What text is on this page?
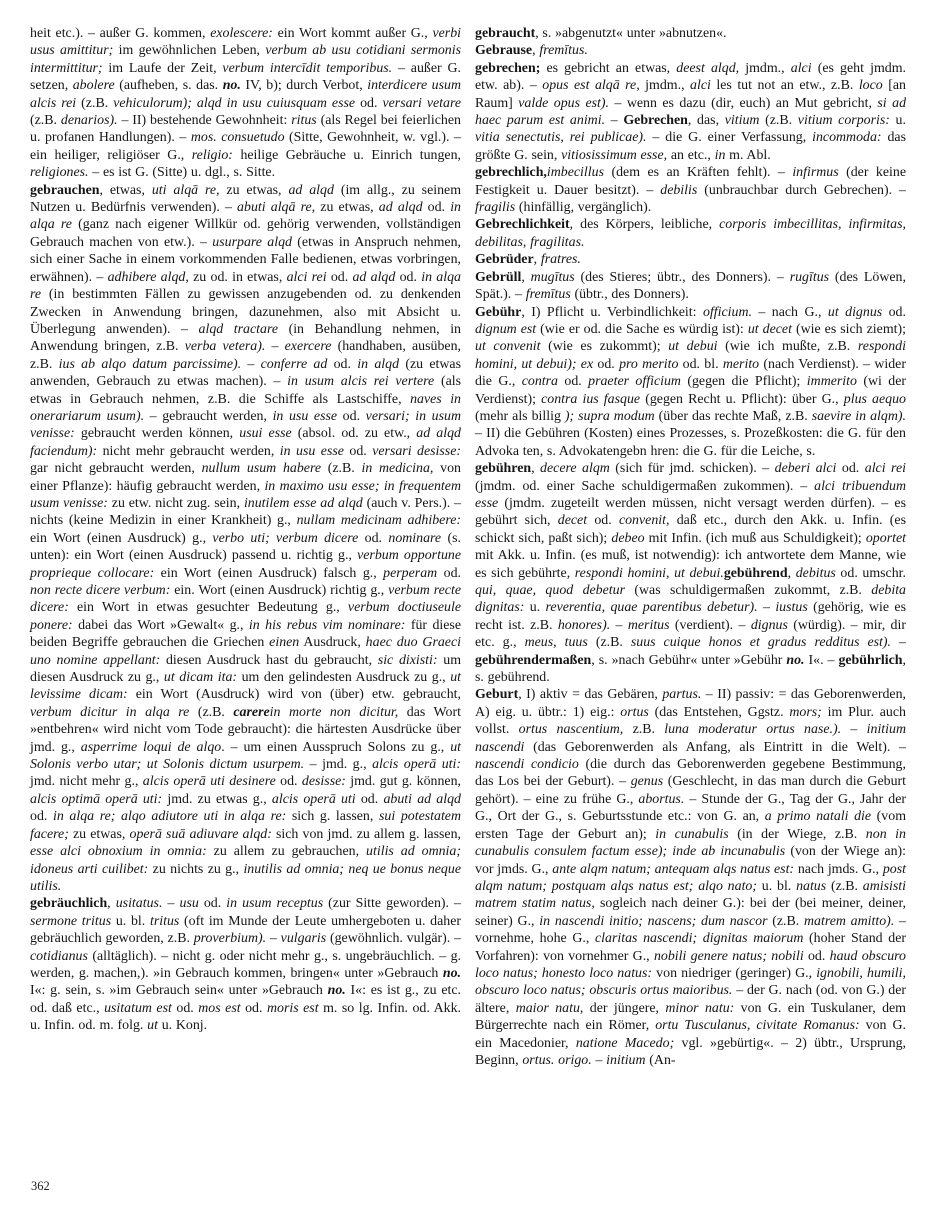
heit etc.). – außer G. kommen, exolescere: ein Wort kommt außer G., verbi usus amittitur; im gewöhnlichen Leben, verbum ab usu cotidiani sermonis intermittitur; im Laufe der Zeit, verbum intercīdit temporibus. – außer G. setzen, abolere (aufheben, s. das. no. IV, b); durch Verbot, interdicere usum alcis rei (z.B. vehiculorum); alqd in usu cuiusquam esse od. versari vetare (z.B. denarios). – II) bestehende Gewohnheit: ritus (als Regel bei feierlichen u. profanen Handlungen). – mos. consuetudo (Sitte, Gewohnheit, w. vgl.). – ein heiliger, religiöser G., religio: heilige Gebräuche u. Einrich tungen, religiones. – es ist G. (Sitte) u. dgl., s. Sitte.

gebrauchen, etwas, uti alqā re, zu etwas, ad alqd (im allg., zu seinem Nutzen u. Bedürfnis verwenden). – abuti alqā re, zu etwas, ad alqd od. in alqa re (ganz nach eigener Willkür od. gehörig verwenden, vollständigen Gebrauch machen von etw.). – usurpare alqd (etwas in Anspruch nehmen, sich einer Sache in einem vorkommenden Falle bedienen, etwas vorbringen, erwähnen). – adhibere alqd, zu od. in etwas, alci rei od. ad alqd od. in alqa re (in bestimmten Fällen zu gewissen anzugebenden od. zu denkenden Zwecken in Anwendung bringen, dazunehmen, also mit Absicht u. Überlegung anwenden). – alqd tractare (in Behandlung nehmen, in Anwendung bringen, z.B. verba vetera). – exercere (handhaben, ausüben, z.B. ius ab alqo datum parcissime). – conferre ad od. in alqd (zu etwas anwenden, Gebrauch zu etwas machen). – in usum alcis rei vertere (als etwas in Gebrauch nehmen, z.B. die Schiffe als Lastschiffe, naves in onerariarum usum). – gebraucht werden, in usu esse od. versari; in usum venisse: gebraucht werden können, usui esse (absol. od. zu etw., ad alqd faciendum): nicht mehr gebraucht werden, in usu esse od. versari desisse: gar nicht gebraucht werden, nullum usum habere (z.B. in medicina, von einer Pflanze): häufig gebraucht werden, in maximo usu esse; in frequentem usum venisse: zu etw. nicht zug. sein, inutilem esse ad alqd (auch v. Pers.). – nichts (keine Medizin in einer Krankheit) g., nullam medicinam adhibere: ein Wort (einen Ausdruck) g., verbo uti; verbum dicere od. nominare (s. unten): ein Wort (einen Ausdruck) passend u. richtig g., verbum opportune proprieque collocare: ein Wort (einen Ausdruck) falsch g., perperam od. non recte dicere verbum: ein. Wort (einen Ausdruck) richtig g., verbum recte dicere: ein Wort in etwas gesuchter Bedeutung g., verbum doctiuseule ponere: dabei das Wort »Gewalt« g., in his rebus vim nominare: für diese beiden Begriffe gebrauchen die Griechen einen Ausdruck, haec duo Graeci uno nomine appellant: diesen Ausdruck hast du gebraucht, sic dixisti: um diesen Ausdruck zu g., ut dicam ita: um den gelindesten Ausdruck zu g., ut levissime dicam: ein Wort (Ausdruck) wird von (über) etw. gebraucht, verbum dicitur in alqa re (z.B. carerein morte non dicitur, das Wort »entbehren« wird nicht vom Tode gebraucht): die härtesten Ausdrücke über jmd. g., asperrime loqui de alqo. – um einen Ausspruch Solons zu g., ut Solonis verbo utar; ut Solonis dictum usurpem. – jmd. g., alcis operā uti: jmd. nicht mehr g., alcis operā uti desinere od. desisse: jmd. gut g. können, alcis optimā operā uti: jmd. zu etwas g., alcis operā uti od. abuti ad alqd od. in alqa re; alqo adiutore uti in alqa re: sich g. lassen, sui potestatem facere; zu etwas, operā suā adiuvare alqd: sich von jmd. zu allem g. lassen, esse alci obnoxium in omnia: zu allem zu gebrauchen, utilis ad omnia; idoneus arti cuilibet: zu nichts zu g., inutilis ad omnia; neq ue bonus neque utilis.

gebräuchlich, usitatus. – usu od. in usum receptus (zur Sitte geworden). – sermone tritus u. bl. tritus (oft im Munde der Leute umhergeboten u. daher gebräuchlich geworden, z.B. proverbium). – vulgaris (gewöhnlich. vulgär). – cotidianus (alltäglich). – nicht g. oder nicht mehr g., s. ungebräuchlich. – g. werden, g. machen,). »in Gebrauch kommen, bringen« unter »Gebrauch no. I«: g. sein, s. »im Gebrauch sein« unter »Gebrauch no. I«: es ist g., zu etc. od. daß etc., usitatum est od. mos est od. moris est m. so lg. Infin. od. Akk. u. Infin. od. m. folg. ut u. Konj.

gebraucht, s. »abgenutzt« unter »abnutzen«.

Gebrause, fremītus.

gebrechen; es gebricht an etwas, deest alqd, jmdm., alci (es geht jmdm. etw. ab). – opus est alqā re, jmdm., alci les tut not an etw., z.B. loco [an Raum] valde opus est). – wenn es dazu (dir, euch) an Mut gebricht, si ad haec parum est animi. – Gebrechen, das, vitium (z.B. vitium corporis: u. vitia senectutis, rei publicae). – die G. einer Verfassung, incommoda: das größte G. sein, vitiosissimum esse, an etc., in m. Abl.

gebrechlich,imbecillus (dem es an Kräften fehlt). – infirmus (der keine Festigkeit u. Dauer besitzt). – debilis (unbrauchbar durch Gebrechen). – fragilis (hinfällig, vergänglich).

Gebrechlichkeit, des Körpers, leibliche, corporis imbecillitas, infirmitas, debilitas, fragilitas.

Gebrüder, fratres.

Gebrüll, mugītus (des Stieres; übtr., des Donners). – rugītus (des Löwen, Spät.). – fremītus (übtr., des Donners).

Gebühr, I) Pflicht u. Verbindlichkeit: officium. – nach G., ut dignus od. dignum est (wie er od. die Sache es würdig ist): ut decet (wie es sich ziemt); ut convenit (wie es zukommt); ut debui (wie ich mußte, z.B. respondi homini, ut debui); ex od. pro merito od. bl. merito (nach Verdienst). – wider die G., contra od. praeter officium (gegen die Pflicht); immerito (wi der Verdienst); contra ius fasque (gegen Recht u. Pflicht): über G., plus aequo (mehr als billig ); supra modum (über das rechte Maß, z.B. saevire in alqm). – II) die Gebühren (Kosten) eines Prozesses, s. Prozeßkosten: die G. für den Advoka ten, s. Advokatengebn hren: die G. für die Leiche, s.

gebühren, decere alqm (sich für jmd. schicken). – deberi alci od. alci rei (jmdm. od. einer Sache schuldigermaßen zukommen). – alci tribuendum esse (jmdm. zugeteilt werden müssen, nicht versagt werden dürfen). – es gebührt sich, decet od. convenit, daß etc., durch den Akk. u. Infin. (es schickt sich, paßt sich); debeo mit Infin. (ich muß aus Schuldigkeit); oportet mit Akk. u. Infin. (es muß, ist notwendig): ich antwortete dem Manne, wie es sich gebührte, respondi homini, ut debui.gebührend, debitus od. umschr. qui, quae, quod debetur (was schuldigermaßen zukommt, z.B. debita dignitas: u. reverentia, quae parentibus debetur). – iustus (gehörig, wie es recht ist. z.B. honores). – meritus (verdient). – dignus (würdig). – mir, dir etc. g., meus, tuus (z.B. suus cuique honos et gradus redditus est). – gebührendermaßen, s. »nach Gebühr« unter »Gebühr no. I«. – gebührlich, s. gebührend.

Geburt, I) aktiv = das Gebären, partus. – II) passiv: = das Geborenwerden, A) eig. u. übtr.: 1) eig.: ortus (das Entstehen, Ggstz. mors; im Plur. auch vollst. ortus nascentium, z.B. luna moderatur ortus nase.). – initium nascendi (das Geborenwerden als Anfang, als Eintritt in die Welt). – nascendi condicio (die durch das Geborenwerden gegebene Bestimmung, das Los bei der Geburt). – genus (Geschlecht, in das man durch die Geburt gehört). – eine zu frühe G., abortus. – Stunde der G., Tag der G., Jahr der G., Ort der G., s. Geburtsstunde etc.: von G. an, a primo natali die (vom ersten Tage der Geburt an); in cunabulis (in der Wiege, z.B. non in cunabulis consulem factum esse); inde ab incunabulis (von der Wiege an): vor jmds. G., ante alqm natum; antequam alqs natus est: nach jmds. G., post alqm natum; postquam alqs natus est; alqo nato; u. bl. natus (z.B. amisisti matrem statim natus, sogleich nach deiner G.): bei der (bei meiner, deiner, seiner) G., in nascendi initio; nascens; dum nascor (z.B. matrem amitto). – vornehme, hohe G., claritas nascendi; dignitas maiorum (hoher Stand der Vorfahren): von vornehmer G., nobili genere natus; nobili od. haud obscuro loco natus; honesto loco natus: von niedriger (geringer) G., ignobili, humili, obscuro loco natus; obscuris ortus maioribus. – der G. nach (od. von G.) der ältere, maior natu, der jüngere, minor natu: von G. ein Tuskulaner, dem Bürgerrechte nach ein Römer, ortu Tusculanus, civitate Romanus: von G. ein Macedonier, natione Macedo; vgl. »gebürtig«. – 2) übtr., Ursprung, Beginn, ortus. origo. – initium (An-

362
